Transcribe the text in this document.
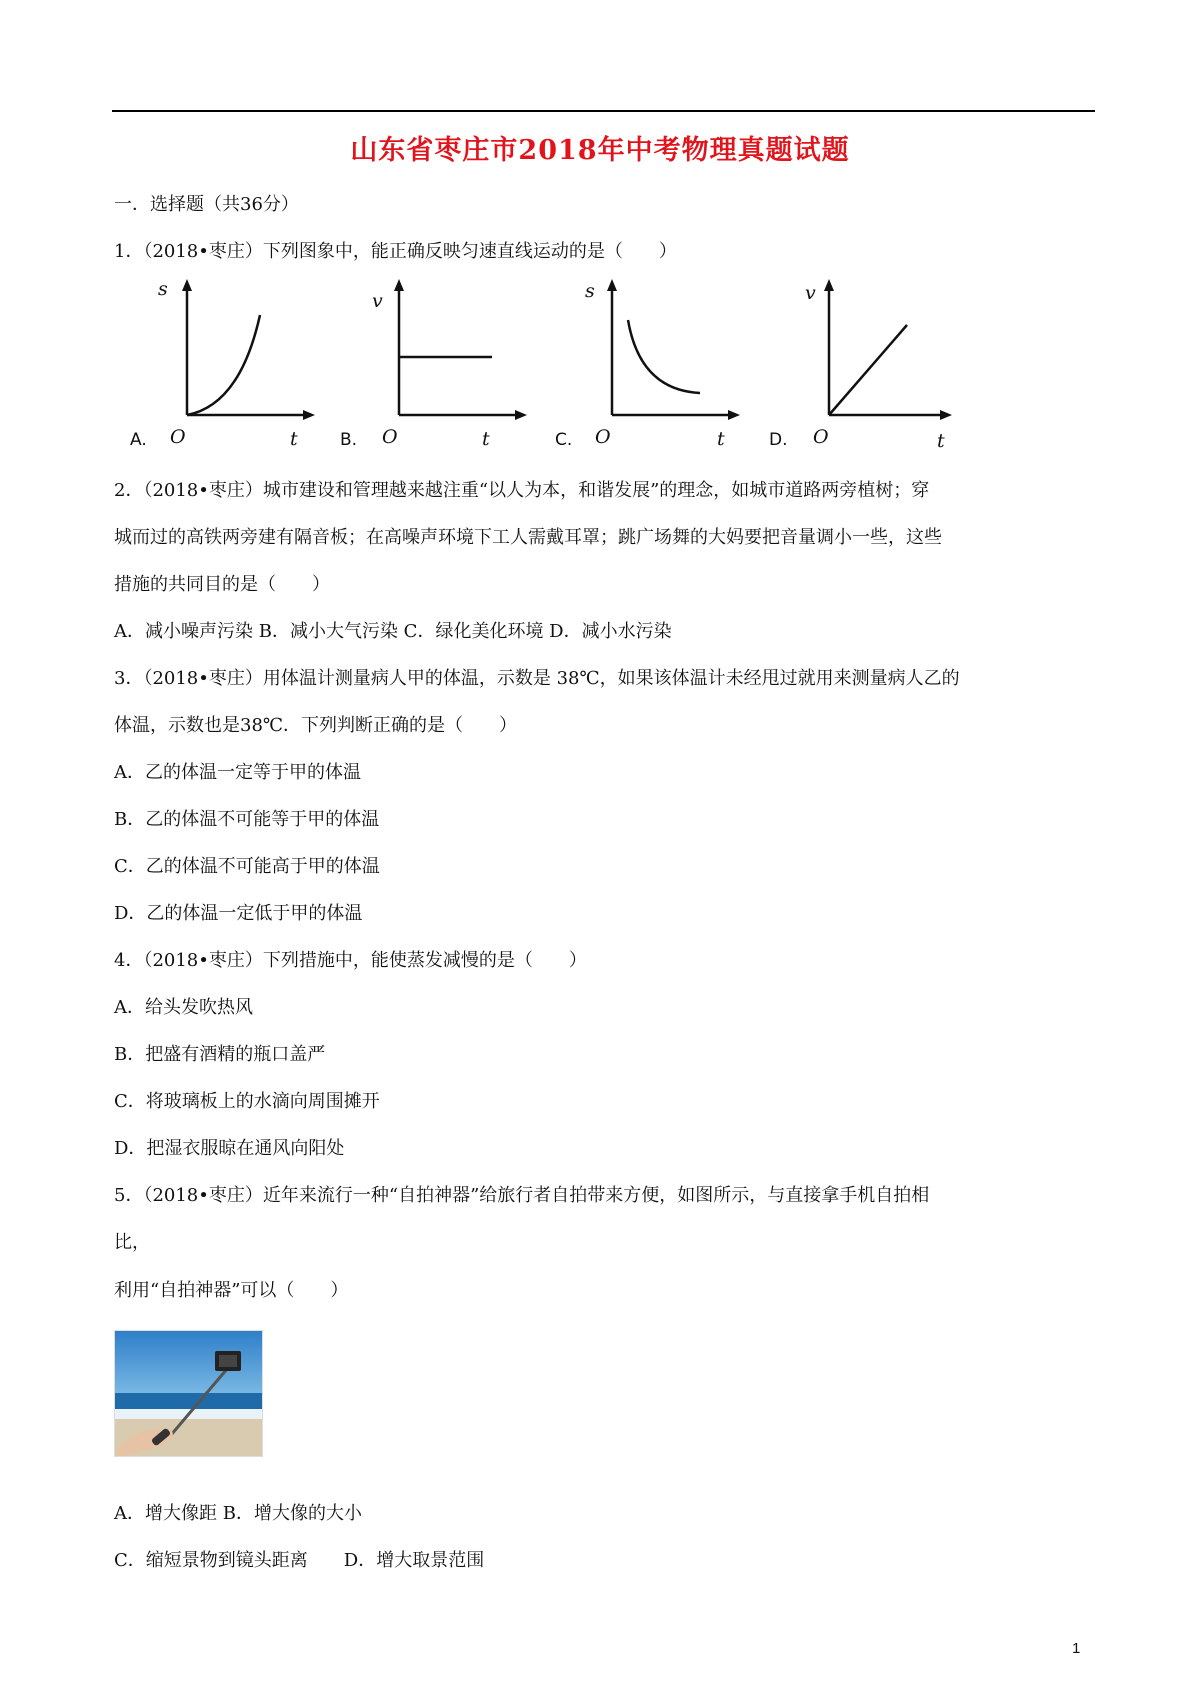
山东省枣庄市2018年中考物理真题试题
一．选择题（共36分）
1．（2018•枣庄）下列图象中，能正确反映匀速直线运动的是（　　）
s
t
O
A.
v
t
O
B.
s
t
O
C.
v
t
O
D.
2．（2018•枣庄）城市建设和管理越来越注重“以人为本，和谐发展”的理念，如城市道路两旁植树；穿
城而过的高铁两旁建有隔音板；在高噪声环境下工人需戴耳罩；跳广场舞的大妈要把音量调小一些，这些
措施的共同目的是（　　）
A．减小噪声污染 B．减小大气污染 C．绿化美化环境 D．减小水污染
3．（2018•枣庄）用体温计测量病人甲的体温，示数是 38℃，如果该体温计未经甩过就用来测量病人乙的
体温，示数也是38℃．下列判断正确的是（　　）
A．乙的体温一定等于甲的体温
B．乙的体温不可能等于甲的体温
C．乙的体温不可能高于甲的体温
D．乙的体温一定低于甲的体温
4．（2018•枣庄）下列措施中，能使蒸发减慢的是（　　）
A．给头发吹热风
B．把盛有酒精的瓶口盖严
C．将玻璃板上的水滴向周围摊开
D．把湿衣服晾在通风向阳处
5．（2018•枣庄）近年来流行一种“自拍神器”给旅行者自拍带来方便，如图所示，与直接拿手机自拍相
比，
利用“自拍神器”可以（　　）
A．增大像距 B．增大像的大小
C．缩短景物到镜头距离　　D．增大取景范围
1
